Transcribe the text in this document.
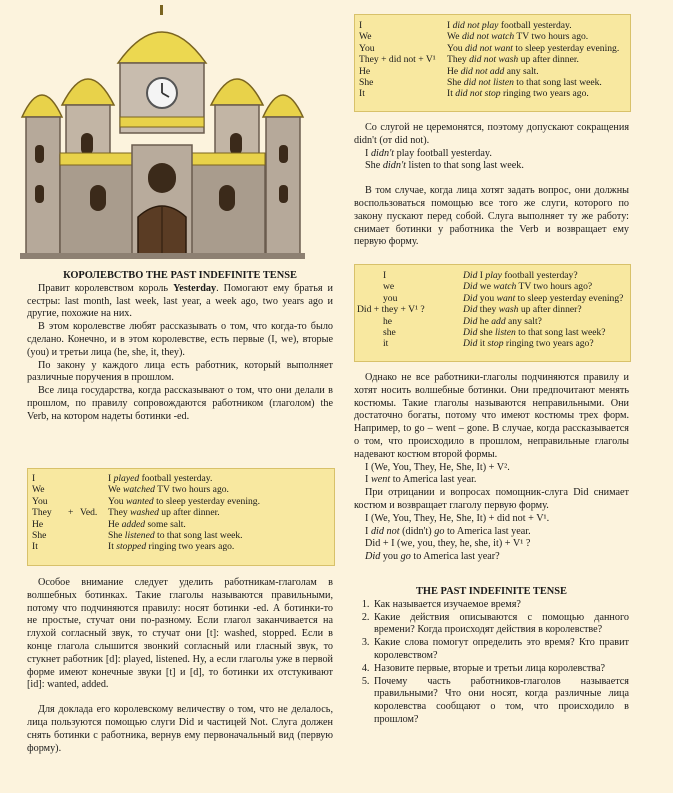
КОРОЛЕВСТВО THE PAST INDEFINITE TENSE

Правит королевством король Yesterday. Помогают ему братья и сестры: last month, last week, last year, a week ago, two years ago и другие, похожие на них.

В этом королевстве любят рассказывать о том, что когда-то было сделано. Конечно, и в этом королевстве, есть первые (I, we), вторые (you) и третьи лица (he, she, it, they).

По закону у каждого лица есть работник, который выполняет различные поручения в прошлом.

Все лица государства, когда рассказывают о том, что они делали в прошлом, по правилу сопровождаются работником (глаголом) the Verb, на котором надеты ботинки -ed.

I			I played football yesterday.
We			We watched TV two hours ago.
You			You wanted to sleep yesterday evening.
They	+	Ved.	They washed up after dinner.
He			He added some salt.
She			She listened to that song last week.
It			It stopped ringing two years ago.

Особое внимание следует уделить работникам-глаголам в волшебных ботинках. Такие глаголы называются правильными, потому что подчиняются правилу: носят ботинки -ed. А ботинки-то не простые, стучат они по-разному. Если глагол заканчивается на глухой согласный звук, то стучат они [t]: washed, stopped. Если в конце глагола слышится звонкий согласный или гласный звук, то стукнет работник [d]: played, listened. Ну, а если глаголы уже в первой форме имеют конечные звуки [t] и [d], то ботинки их отстукивают [id]: wanted, added.

Для доклада его королевскому величеству о том, что не делалось, лица пользуются помощью слуги Did и частицей Not. Слуга должен снять ботинки с работника, вернув ему первоначальный вид (первую форму).

I	I did not play football yesterday.
We	We did not watch TV two hours ago.
You	You did not want to sleep yesterday evening.
They + did not + V¹	They did not wash up after dinner.
He	He did not add any salt.
She	She did not listen to that song last week.
It	It did not stop ringing two years ago.

Со слугой не церемонятся, поэтому допускают сокращения didn't (от did not).

I didn't play football yesterday.

She didn't listen to that song last week.

В том случае, когда лица хотят задать вопрос, они должны воспользоваться помощью все того же слуги, которого по закону пускают перед собой. Слуга выполняет ту же работу: снимает ботинки у работника the Verb и возвращает ему первую форму.

I	Did I play football yesterday?
we	Did we watch TV two hours ago?
you	Did you want to sleep yesterday evening?
Did + they + V¹ ?	Did they wash up after dinner?
he	Did he add any salt?
she	Did she listen to that song last week?
it	Did it stop ringing two years ago?

Однако не все работники-глаголы подчиняются правилу и хотят носить волшебные ботинки. Они предпочитают менять костюмы. Такие глаголы называются неправильными. Они достаточно богаты, потому что имеют костюмы трех форм. Например, to go – went – gone. В случае, когда рассказывается о том, что происходило в прошлом, неправильные глаголы надевают костюм второй формы.

I (We, You, They, He, She, It) + V².

I went to America last year.

При отрицании и вопросах помощник-слуга Did снимает костюм и возвращает глаголу первую форму.

I (We, You, They, He, She, It) + did not + V¹.

I did not (didn't) go to America last year.

Did + I (we, you, they, he, she, it) + V¹ ?

Did you go to America last year?

THE PAST INDEFINITE TENSE

1. Как называется изучаемое время?
2. Какие действия описываются с помощью данного времени? Когда происходят действия в королевстве?
3. Какие слова помогут определить это время? Кто правит королевством?
4. Назовите первые, вторые и третьи лица королевства?
5. Почему часть работников-глаголов называется правильными? Что они носят, когда различные лица королевства сообщают о том, что происходило в прошлом?
